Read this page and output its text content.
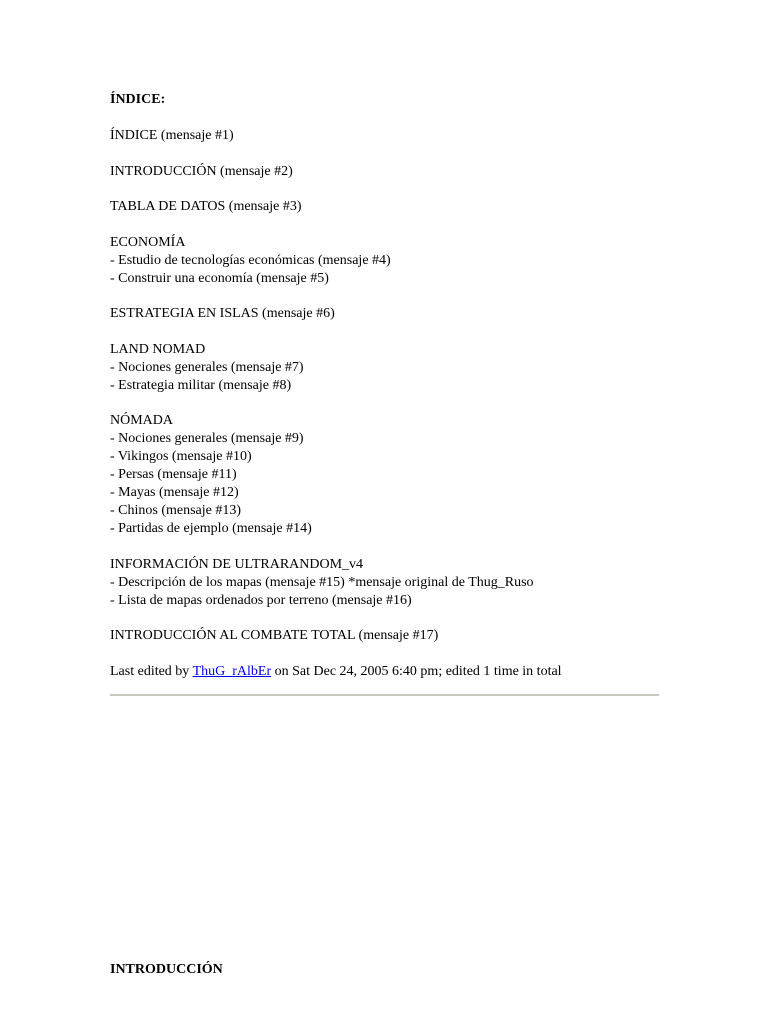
ÍNDICE:
ÍNDICE (mensaje #1)
INTRODUCCIÓN (mensaje #2)
TABLA DE DATOS (mensaje #3)
ECONOMÍA
- Estudio de tecnologías económicas (mensaje #4)
- Construir una economía (mensaje #5)
ESTRATEGIA EN ISLAS (mensaje #6)
LAND NOMAD
- Nociones generales (mensaje #7)
- Estrategia militar (mensaje #8)
NÓMADA
- Nociones generales (mensaje #9)
- Vikingos (mensaje #10)
- Persas (mensaje #11)
- Mayas (mensaje #12)
- Chinos (mensaje #13)
- Partidas de ejemplo (mensaje #14)
INFORMACIÓN DE ULTRARANDOM_v4
- Descripción de los mapas (mensaje #15) *mensaje original de Thug_Ruso
- Lista de mapas ordenados por terreno (mensaje #16)
INTRODUCCIÓN AL COMBATE TOTAL (mensaje #17)
Last edited by ThuG_rAlbEr on Sat Dec 24, 2005 6:40 pm; edited 1 time in total
INTRODUCCIÓN
